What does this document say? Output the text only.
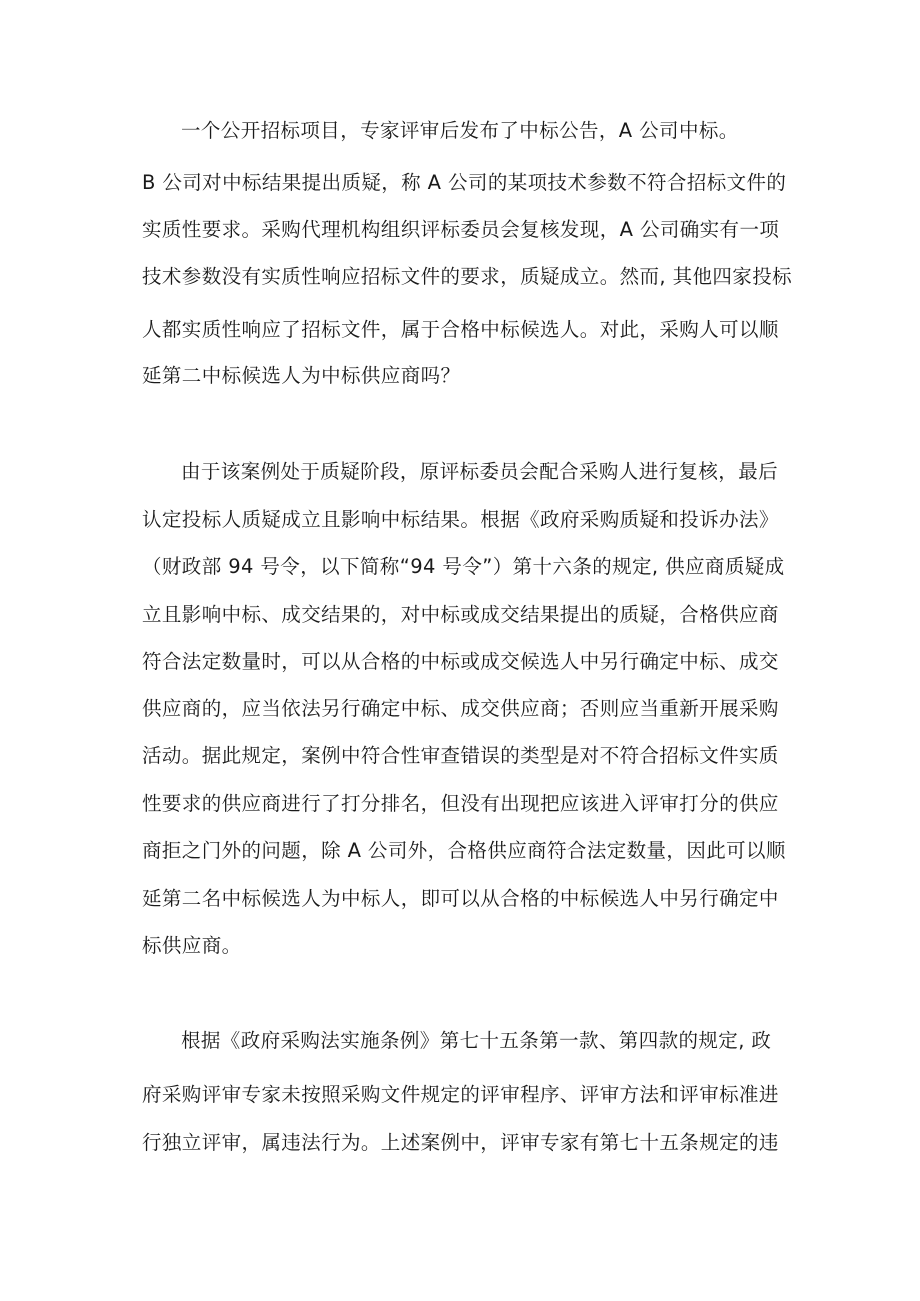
一个公开招标项目，专家评审后发布了中标公告，A 公司中标。
B 公司对中标结果提出质疑，称 A 公司的某项技术参数不符合招标文件的
实质性要求。采购代理机构组织评标委员会复核发现，A 公司确实有一项
技术参数没有实质性响应招标文件的要求，质疑成立。然而, 其他四家投标
人都实质性响应了招标文件，属于合格中标候选人。对此，采购人可以顺
延第二中标候选人为中标供应商吗？
由于该案例处于质疑阶段，原评标委员会配合采购人进行复核，最后
认定投标人质疑成立且影响中标结果。根据《政府采购质疑和投诉办法》
（财政部 94 号令，以下简称“94 号令”）第十六条的规定, 供应商质疑成
立且影响中标、成交结果的，对中标或成交结果提出的质疑，合格供应商
符合法定数量时，可以从合格的中标或成交候选人中另行确定中标、成交
供应商的，应当依法另行确定中标、成交供应商；否则应当重新开展采购
活动。据此规定，案例中符合性审查错误的类型是对不符合招标文件实质
性要求的供应商进行了打分排名，但没有出现把应该进入评审打分的供应
商拒之门外的问题，除 A 公司外，合格供应商符合法定数量，因此可以顺
延第二名中标候选人为中标人，即可以从合格的中标候选人中另行确定中
标供应商。
根据《政府采购法实施条例》第七十五条第一款、第四款的规定, 政
府采购评审专家未按照采购文件规定的评审程序、评审方法和评审标准进
行独立评审，属违法行为。上述案例中，评审专家有第七十五条规定的违
